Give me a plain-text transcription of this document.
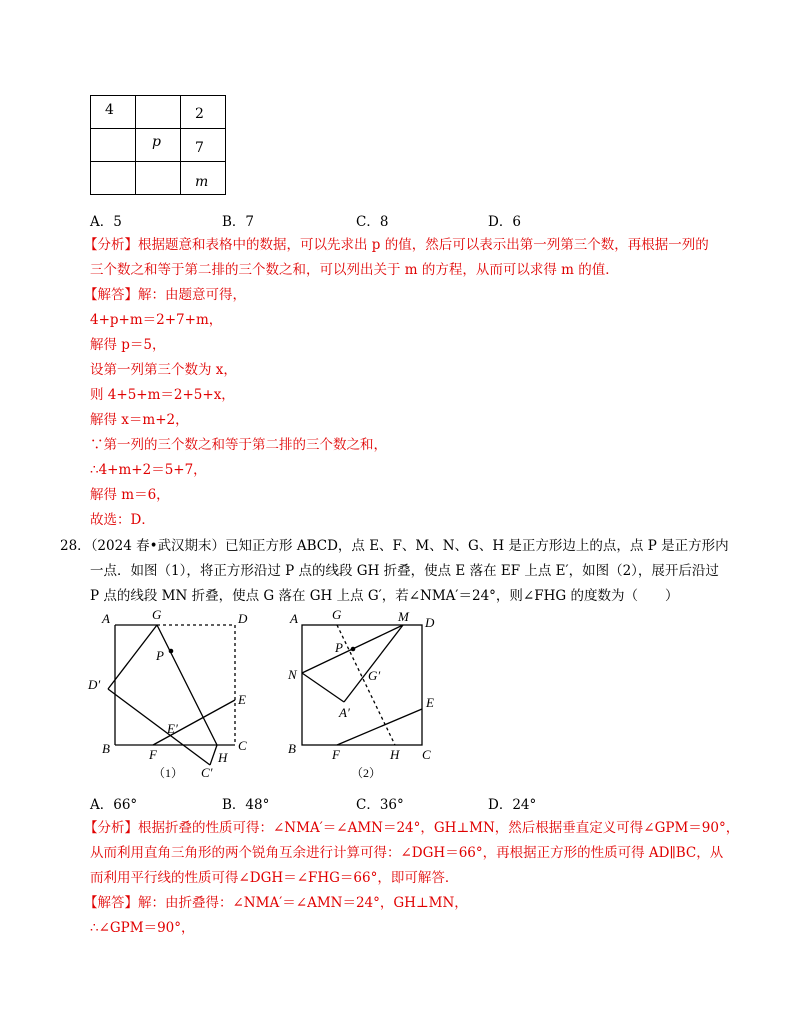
4		2
	p	7
		m
A．5	B．7	C．8	D．6
【分析】根据题意和表格中的数据，可以先求出 p 的值，然后可以表示出第一列第三个数，再根据一列的
三个数之和等于第二排的三个数之和，可以列出关于 m 的方程，从而可以求得 m 的值．
【解答】解：由题意可得，
4+p+m＝2+7+m，
解得 p＝5，
设第一列第三个数为 x，
则 4+5+m＝2+5+x，
解得 x＝m+2，
∵第一列的三个数之和等于第二排的三个数之和，
∴4+m+2＝5+7，
解得 m＝6，
故选：D．
28．（2024 春•武汉期末）已知正方形 ABCD，点 E、F、M、N、G、H 是正方形边上的点，点 P 是正方形内
一点．如图（1），将正方形沿过 P 点的线段 GH 折叠，使点 E 落在 EF 上点 E′，如图（2），展开后沿过
P 点的线段 MN 折叠，使点 G 落在 GH 上点 G′，若∠NMA′＝24°，则∠FHG 的度数为（　　）
A	G	D
P
D′
E
E′
B	F
C
H
C′
（1）
A	G	M D
P
N	G′
A′
E
B	F	H C
（2）
A．66°	B．48°	C．36°	D．24°
【分析】根据折叠的性质可得：∠NMA′＝∠AMN＝24°，GH⊥MN，然后根据垂直定义可得∠GPM＝90°，
从而利用直角三角形的两个锐角互余进行计算可得：∠DGH＝66°，再根据正方形的性质可得 AD∥BC，从
而利用平行线的性质可得∠DGH＝∠FHG＝66°，即可解答．
【解答】解：由折叠得：∠NMA′＝∠AMN＝24°，GH⊥MN，
∴∠GPM＝90°，
